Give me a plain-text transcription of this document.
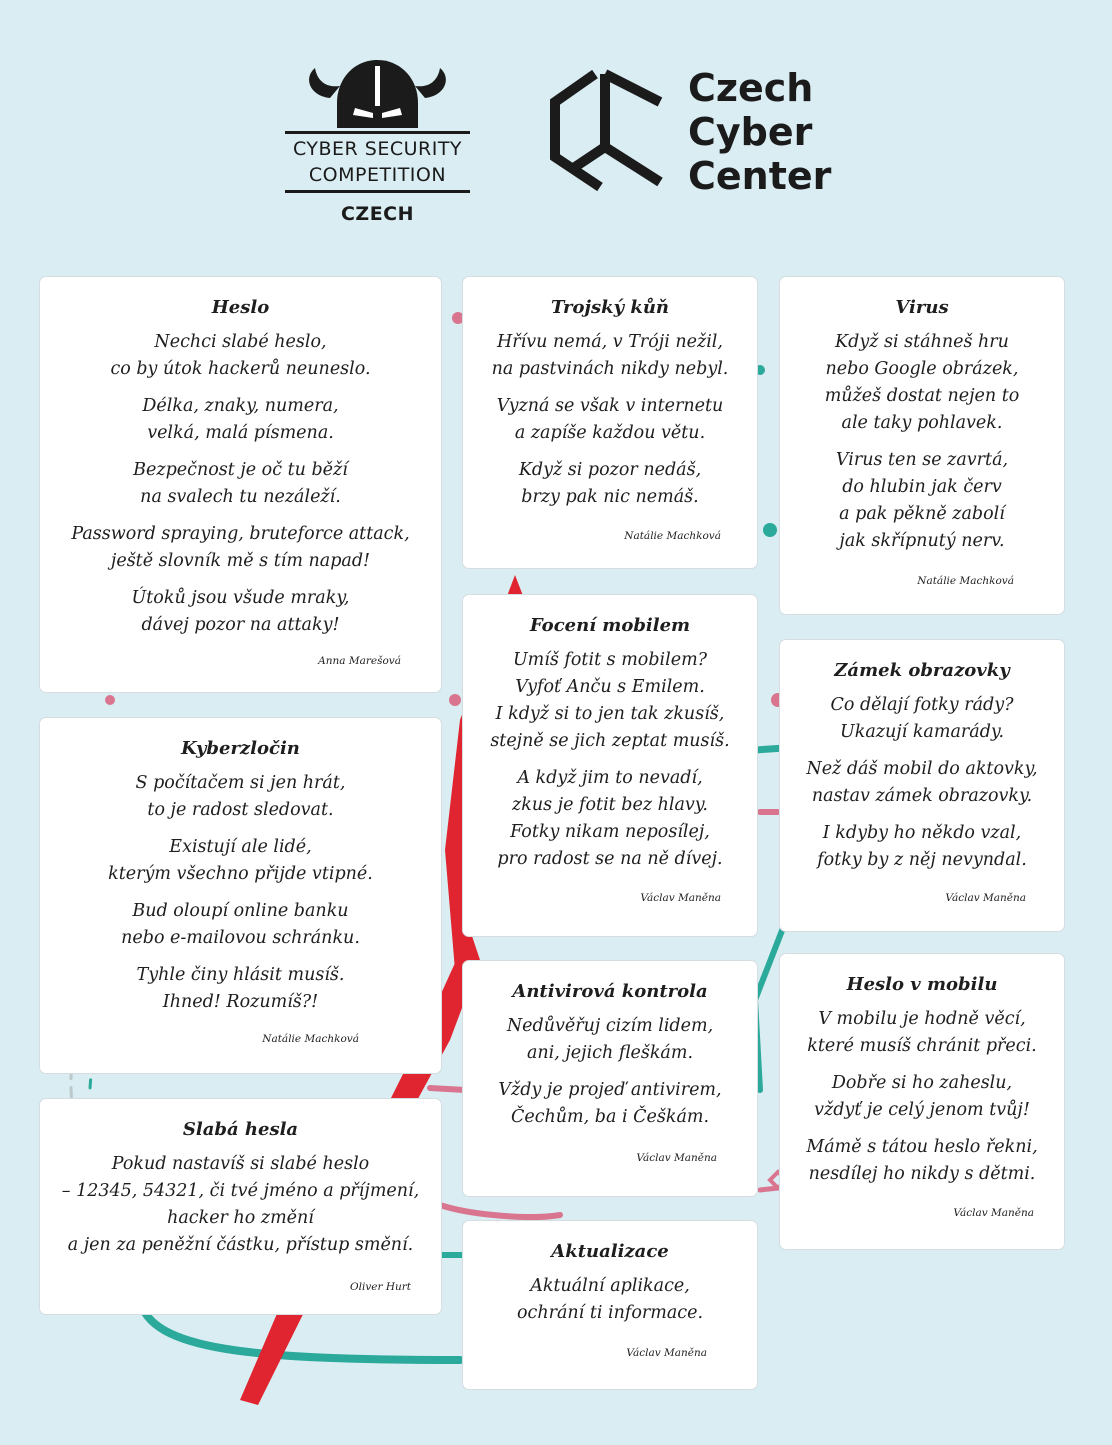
CYBER SECURITY
COMPETITION
CZECH
Czech
Cyber
Center
Heslo
Nechci slabé heslo,
co by útok hackerů neuneslo.
Délka, znaky, numera,
velká, malá písmena.
Bezpečnost je oč tu běží
na svalech tu nezáleží.
Password spraying, bruteforce attack,
ještě slovník mě s tím napad!
Útoků jsou všude mraky,
dávej pozor na attaky!
Anna Marešová
Trojský kůň
Hřívu nemá, v Tróji nežil,
na pastvinách nikdy nebyl.
Vyzná se však v internetu
a zapíše každou větu.
Když si pozor nedáš,
brzy pak nic nemáš.
Natálie Machková
Virus
Když si stáhneš hru
nebo Google obrázek,
můžeš dostat nejen to
ale taky pohlavek.
Virus ten se zavrtá,
do hlubin jak červ
a pak pěkně zabolí
jak skřípnutý nerv.
Natálie Machková
Focení mobilem
Umíš fotit s mobilem?
Vyfoť Anču s Emilem.
I když si to jen tak zkusíš,
stejně se jich zeptat musíš.
A když jim to nevadí,
zkus je fotit bez hlavy.
Fotky nikam neposílej,
pro radost se na ně dívej.
Václav Maněna
Zámek obrazovky
Co dělají fotky rády?
Ukazují kamarády.
Než dáš mobil do aktovky,
nastav zámek obrazovky.
I kdyby ho někdo vzal,
fotky by z něj nevyndal.
Václav Maněna
Kyberzločin
S počítačem si jen hrát,
to je radost sledovat.
Existují ale lidé,
kterým všechno přijde vtipné.
Bud oloupí online banku
nebo e-mailovou schránku.
Tyhle činy hlásit musíš.
Ihned! Rozumíš?!
Natálie Machková
Antivirová kontrola
Nedůvěřuj cizím lidem,
ani, jejich fleškám.
Vždy je projeď antivirem,
Čechům, ba i Češkám.
Václav Maněna
Heslo v mobilu
V mobilu je hodně věcí,
které musíš chránit přeci.
Dobře si ho zaheslu,
vždyť je celý jenom tvůj!
Mámě s tátou heslo řekni,
nesdílej ho nikdy s dětmi.
Václav Maněna
Slabá hesla
Pokud nastavíš si slabé heslo
– 12345, 54321, či tvé jméno a příjmení,
hacker ho změní
a jen za peněžní částku, přístup smění.
Oliver Hurt
Aktualizace
Aktuální aplikace,
ochrání ti informace.
Václav Maněna
